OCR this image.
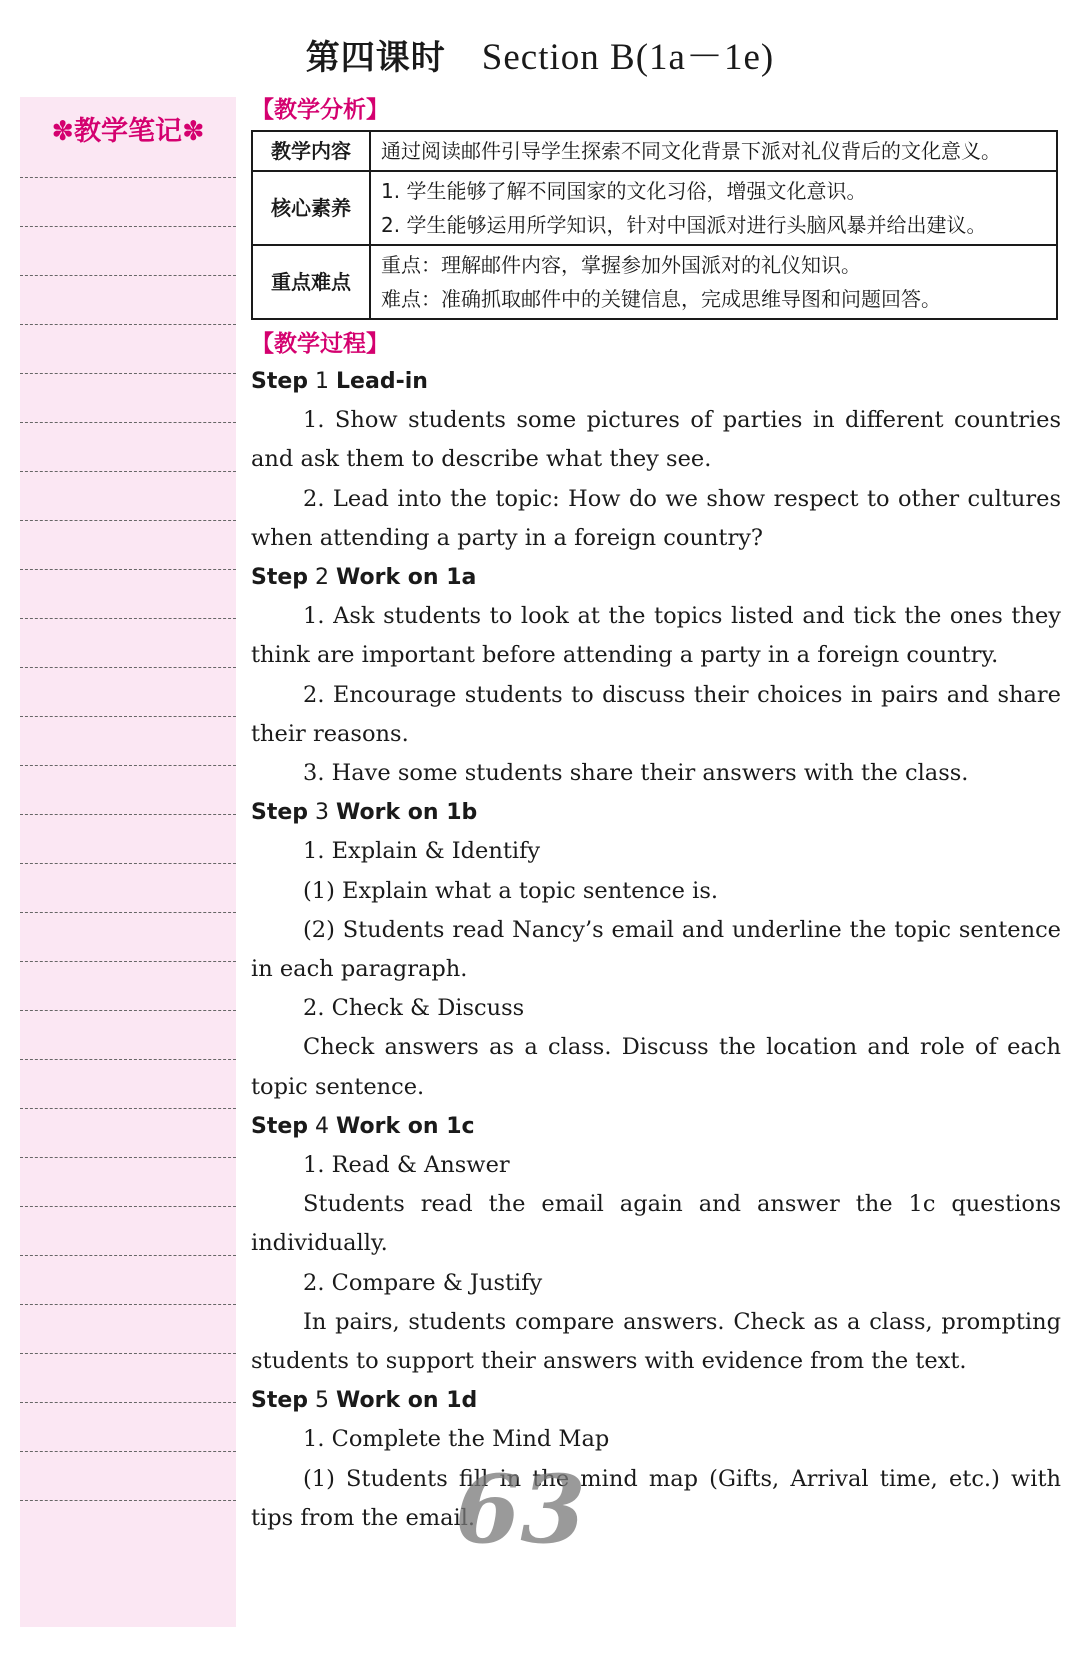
第四课时 Section B(1a－1e)
✽教学笔记✽
【教学分析】
教学内容	通过阅读邮件引导学生探索不同文化背景下派对礼仪背后的文化意义。

核心素养	1. 学生能够了解不同国家的文化习俗，增强文化意识。
2. 学生能够运用所学知识，针对中国派对进行头脑风暴并给出建议。

重点难点	重点：理解邮件内容，掌握参加外国派对的礼仪知识。
难点：准确抓取邮件中的关键信息，完成思维导图和问题回答。
【教学过程】
Step 1 Lead-in
1. Show students some pictures of parties in different countries and ask them to describe what they see.
2. Lead into the topic: How do we show respect to other cultures when attending a party in a foreign country?
Step 2 Work on 1a
1. Ask students to look at the topics listed and tick the ones they think are important before attending a party in a foreign country.
2. Encourage students to discuss their choices in pairs and share their reasons.
3. Have some students share their answers with the class.
Step 3 Work on 1b
1. Explain & Identify
(1) Explain what a topic sentence is.
(2) Students read Nancy’s email and underline the topic sentence in each paragraph.
2. Check & Discuss
Check answers as a class. Discuss the location and role of each topic sentence.
Step 4 Work on 1c
1. Read & Answer
Students read the email again and answer the 1c questions individually.
2. Compare & Justify
In pairs, students compare answers. Check as a class, prompting students to support their answers with evidence from the text.
Step 5 Work on 1d
1. Complete the Mind Map
(1) Students fill in the mind map (Gifts, Arrival time, etc.) with tips from the email.
63
